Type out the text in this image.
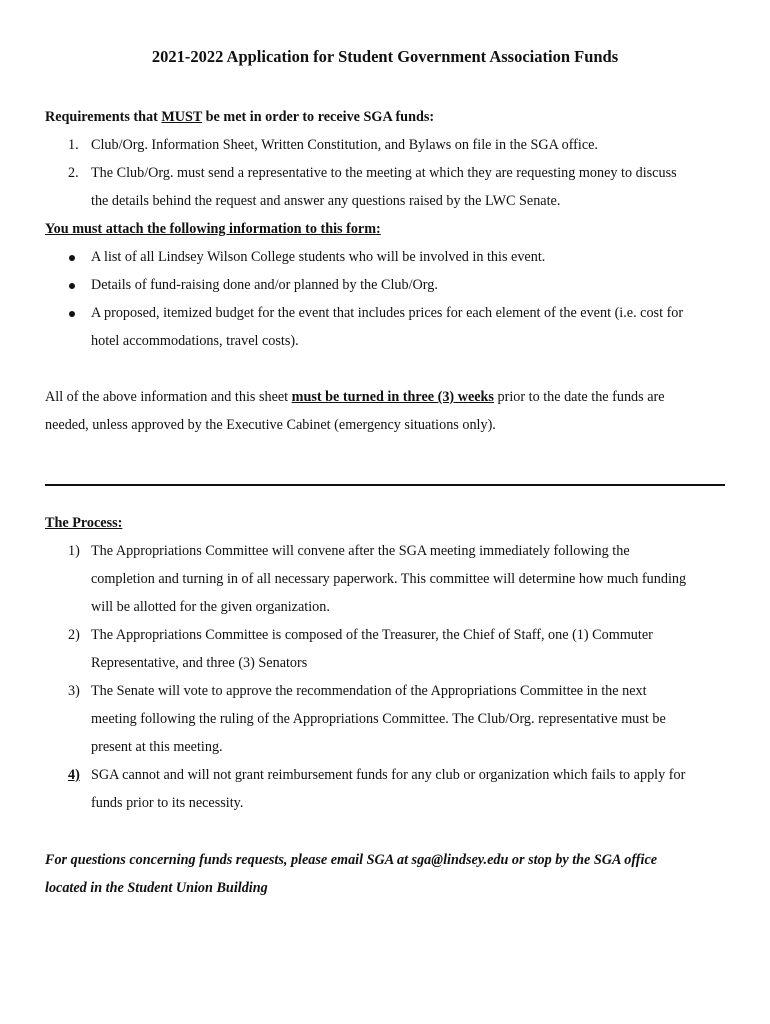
2021-2022 Application for Student Government Association Funds
Requirements that MUST be met in order to receive SGA funds:
1. Club/Org. Information Sheet, Written Constitution, and Bylaws on file in the SGA office.
2. The Club/Org. must send a representative to the meeting at which they are requesting money to discuss
the details behind the request and answer any questions raised by the LWC Senate.
You must attach the following information to this form:
A list of all Lindsey Wilson College students who will be involved in this event.
Details of fund-raising done and/or planned by the Club/Org.
A proposed, itemized budget for the event that includes prices for each element of the event (i.e. cost for
hotel accommodations, travel costs).
All of the above information and this sheet must be turned in three (3) weeks prior to the date the funds are
needed, unless approved by the Executive Cabinet (emergency situations only).
The Process:
1) The Appropriations Committee will convene after the SGA meeting immediately following the
completion and turning in of all necessary paperwork. This committee will determine how much funding
will be allotted for the given organization.
2) The Appropriations Committee is composed of the Treasurer, the Chief of Staff, one (1) Commuter
Representative, and three (3) Senators
3) The Senate will vote to approve the recommendation of the Appropriations Committee in the next
meeting following the ruling of the Appropriations Committee. The Club/Org. representative must be
present at this meeting.
4) SGA cannot and will not grant reimbursement funds for any club or organization which fails to apply for
funds prior to its necessity.
For questions concerning funds requests, please email SGA at sga@lindsey.edu or stop by the SGA office
located in the Student Union Building
